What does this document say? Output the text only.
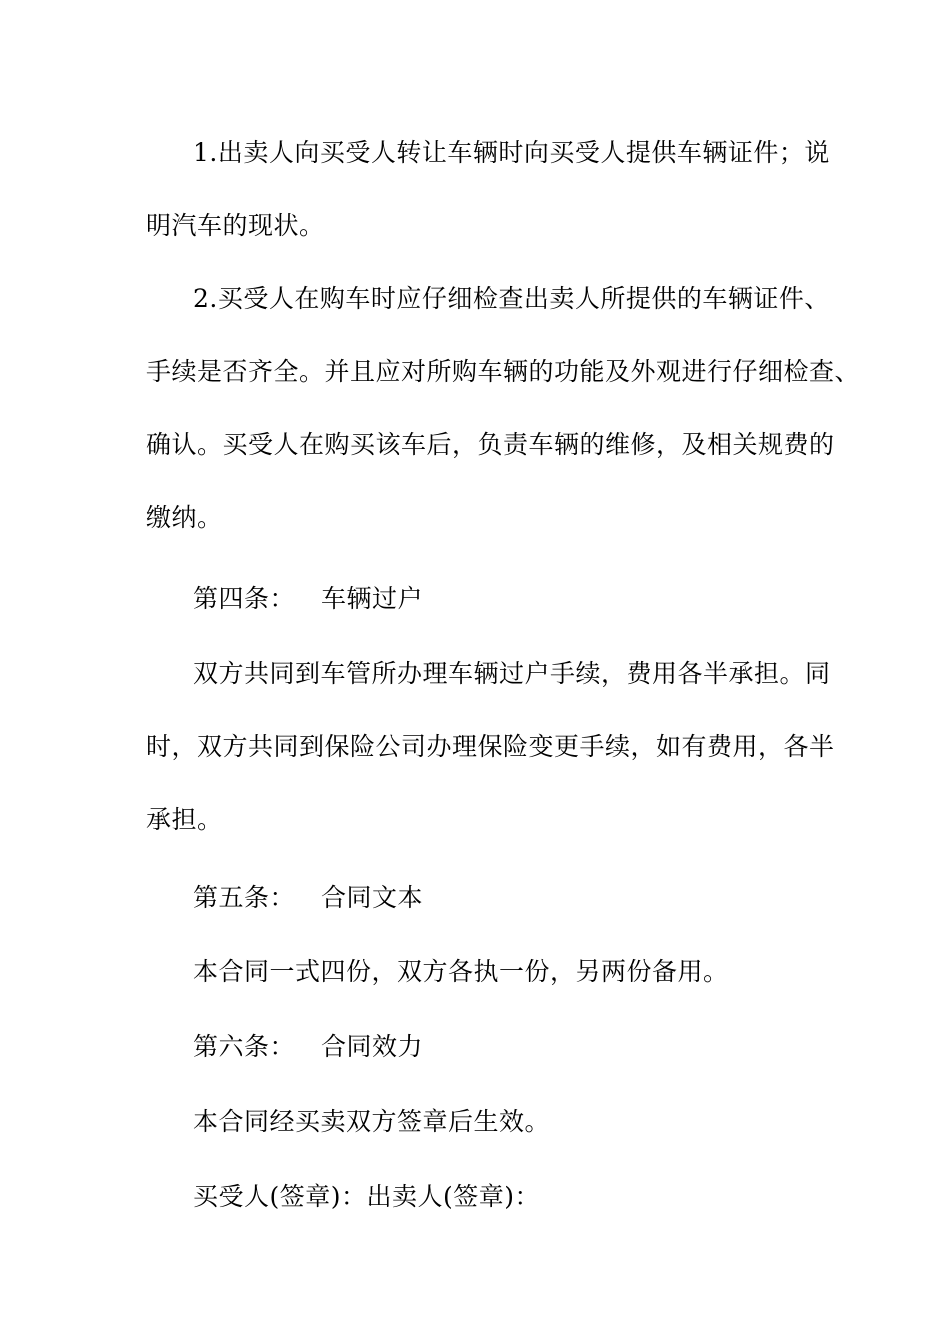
1.出卖人向买受人转让车辆时向买受人提供车辆证件；说
明汽车的现状。
2.买受人在购车时应仔细检查出卖人所提供的车辆证件、
手续是否齐全。并且应对所购车辆的功能及外观进行仔细检查、
确认。买受人在购买该车后，负责车辆的维修，及相关规费的
缴纳。
第四条： 车辆过户
双方共同到车管所办理车辆过户手续，费用各半承担。同
时，双方共同到保险公司办理保险变更手续，如有费用，各半
承担。
第五条： 合同文本
本合同一式四份，双方各执一份，另两份备用。
第六条： 合同效力
本合同经买卖双方签章后生效。
买受人(签章)：出卖人(签章)：
